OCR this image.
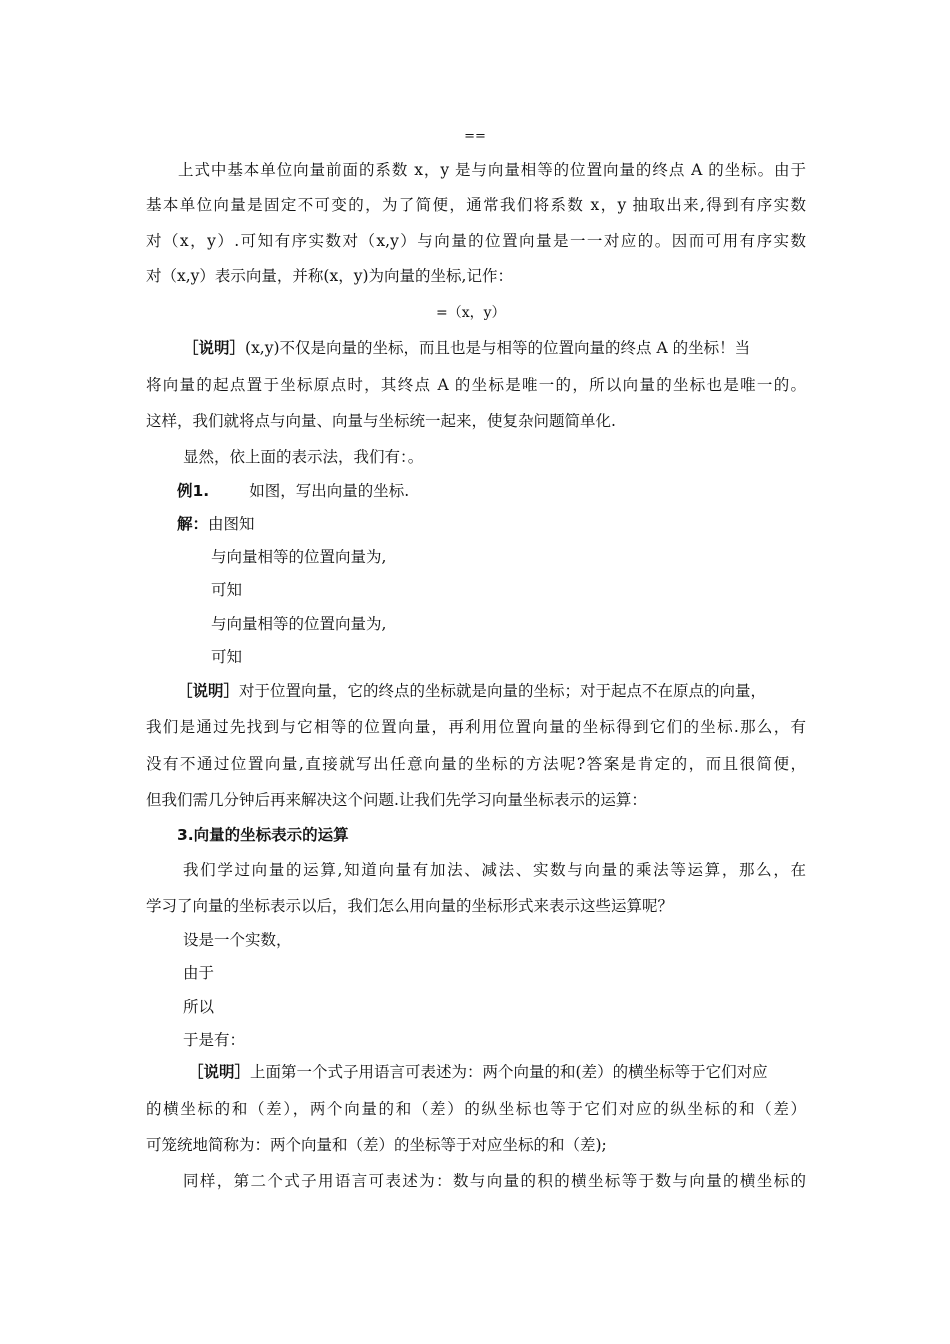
==
上式中基本单位向量前面的系数 x，y 是与向量相等的位置向量的终点 A 的坐标。由于
基本单位向量是固定不可变的，为了简便，通常我们将系数 x，y 抽取出来,得到有序实数
对（x，y）.可知有序实数对（x,y）与向量的位置向量是一一对应的。因而可用有序实数
对（x,y）表示向量，并称(x，y)为向量的坐标,记作：
=（x，y）
［说明］(x,y)不仅是向量的坐标，而且也是与相等的位置向量的终点 A 的坐标！当
将向量的起点置于坐标原点时，其终点 A 的坐标是唯一的，所以向量的坐标也是唯一的。
这样，我们就将点与向量、向量与坐标统一起来，使复杂问题简单化.
显然，依上面的表示法，我们有：。
例1.	如图，写出向量的坐标.
解：由图知
与向量相等的位置向量为,
可知
与向量相等的位置向量为,
可知
［说明］对于位置向量，它的终点的坐标就是向量的坐标；对于起点不在原点的向量，
我们是通过先找到与它相等的位置向量，再利用位置向量的坐标得到它们的坐标.那么，有
没有不通过位置向量,直接就写出任意向量的坐标的方法呢?答案是肯定的，而且很简便，
但我们需几分钟后再来解决这个问题.让我们先学习向量坐标表示的运算：
3.向量的坐标表示的运算
我们学过向量的运算,知道向量有加法、减法、实数与向量的乘法等运算，那么，在
学习了向量的坐标表示以后，我们怎么用向量的坐标形式来表示这些运算呢？
设是一个实数，
由于
所以
于是有：
［说明］上面第一个式子用语言可表述为：两个向量的和(差）的横坐标等于它们对应
的横坐标的和（差），两个向量的和（差）的纵坐标也等于它们对应的纵坐标的和（差）
可笼统地简称为：两个向量和（差）的坐标等于对应坐标的和（差);
同样，第二个式子用语言可表述为：数与向量的积的横坐标等于数与向量的横坐标的
